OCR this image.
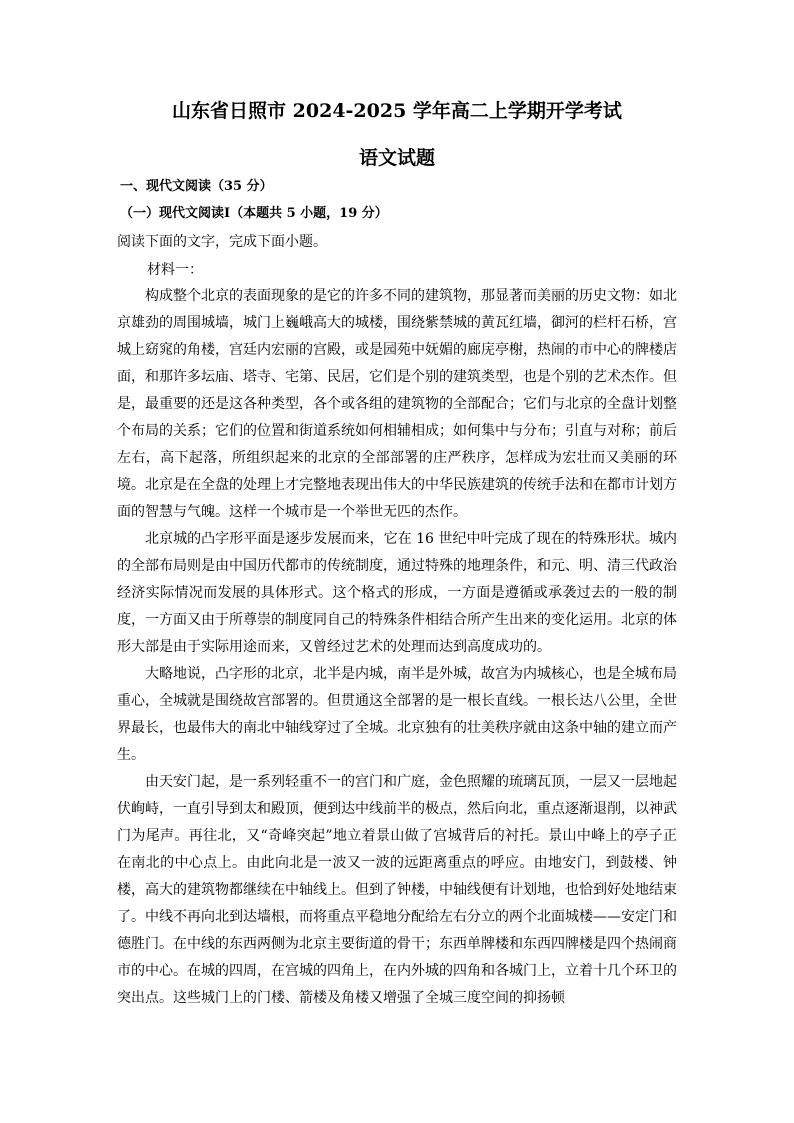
山东省日照市 2024-2025 学年高二上学期开学考试
语文试题
一、现代文阅读（35 分）
（一）现代文阅读Ⅰ（本题共 5 小题，19 分）
阅读下面的文字，完成下面小题。
材料一：

构成整个北京的表面现象的是它的许多不同的建筑物，那显著而美丽的历史文物：如北京雄劲的周围城墙，城门上巍峨高大的城楼，围绕紫禁城的黄瓦红墙，御河的栏杆石桥，宫城上窈窕的角楼，宫廷内宏丽的宫殿，或是园苑中妩媚的廊庑亭榭，热闹的市中心的牌楼店面，和那许多坛庙、塔寺、宅第、民居，它们是个别的建筑类型，也是个别的艺术杰作。但是，最重要的还是这各种类型，各个或各组的建筑物的全部配合；它们与北京的全盘计划整个布局的关系；它们的位置和街道系统如何相辅相成；如何集中与分布；引直与对称；前后左右，高下起落，所组织起来的北京的全部部署的庄严秩序，怎样成为宏壮而又美丽的环境。北京是在全盘的处理上才完整地表现出伟大的中华民族建筑的传统手法和在都市计划方面的智慧与气魄。这样一个城市是一个举世无匹的杰作。

北京城的凸字形平面是逐步发展而来，它在 16 世纪中叶完成了现在的特殊形状。城内的全部布局则是由中国历代都市的传统制度，通过特殊的地理条件，和元、明、清三代政治经济实际情况而发展的具体形式。这个格式的形成，一方面是遵循或承袭过去的一般的制度，一方面又由于所尊崇的制度同自己的特殊条件相结合所产生出来的变化运用。北京的体形大部是由于实际用途而来，又曾经过艺术的处理而达到高度成功的。

大略地说，凸字形的北京，北半是内城，南半是外城，故宫为内城核心，也是全城布局重心，全城就是围绕故宫部署的。但贯通这全部署的是一根长直线。一根长达八公里，全世界最长，也最伟大的南北中轴线穿过了全城。北京独有的壮美秩序就由这条中轴的建立而产生。

由天安门起，是一系列轻重不一的宫门和广庭，金色照耀的琉璃瓦顶，一层又一层地起伏峋峙，一直引导到太和殿顶，便到达中线前半的极点，然后向北，重点逐渐退削，以神武门为尾声。再往北，又“奇峰突起”地立着景山做了宫城背后的衬托。景山中峰上的亭子正在南北的中心点上。由此向北是一波又一波的远距离重点的呼应。由地安门，到鼓楼、钟楼，高大的建筑物都继续在中轴线上。但到了钟楼，中轴线便有计划地，也恰到好处地结束了。中线不再向北到达墙根，而将重点平稳地分配给左右分立的两个北面城楼——安定门和德胜门。在中线的东西两侧为北京主要街道的骨干；东西单牌楼和东西四牌楼是四个热闹商市的中心。在城的四周，在宫城的四角上，在内外城的四角和各城门上，立着十几个环卫的突出点。这些城门上的门楼、箭楼及角楼又增强了全城三度空间的抑扬顿
